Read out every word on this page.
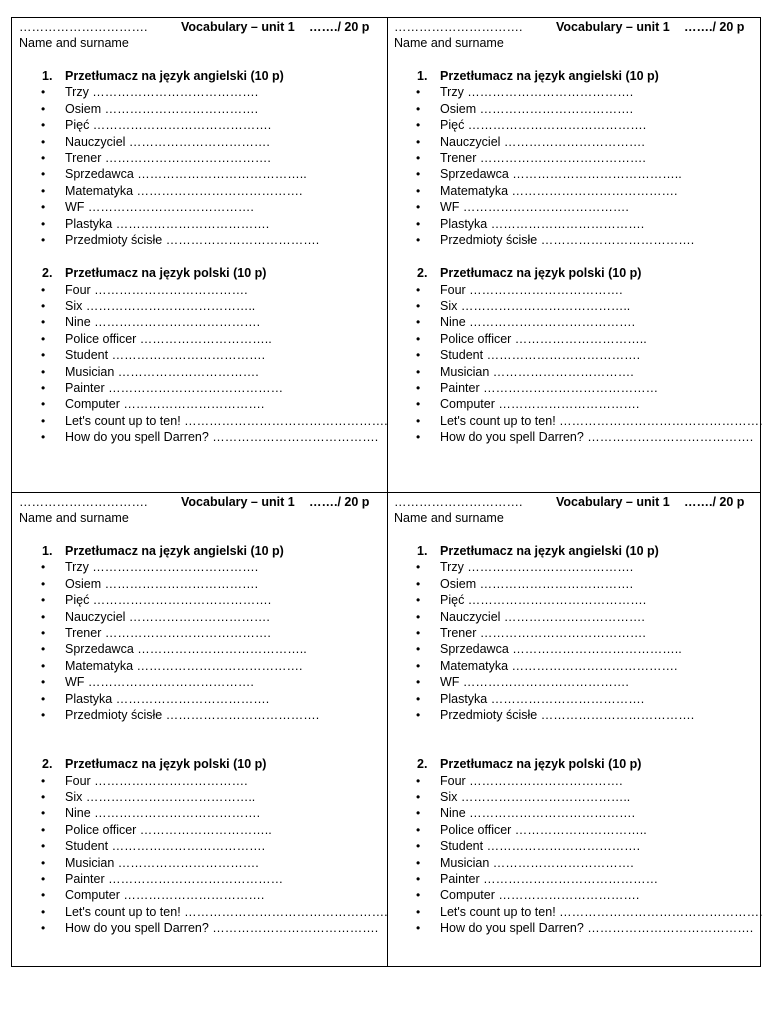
………………………….	Vocabulary – unit 1 ……./ 20 p
Name and surname
1. Przetłumacz na język angielski (10 p)
• Trzy ………………………………….
• Osiem ……………………………….
• Pięć …………………………………….
• Nauczyciel …………………………….
• Trener ………………………………….
• Sprzedawca …………………………………..
• Matematyka ………………………………….
• WF ………………………………….
• Plastyka ……………………………….
• Przedmioty ścisłe ……………………………….
2. Przetłumacz na język polski (10 p)
• Four ……………………………….
• Six …………………………………..
• Nine ………………………………….
• Police officer …………………………..
• Student ……………………………….
• Musician …………………………….
• Painter ……………………………………
• Computer …………………………….
• Let's count up to ten! ………………………………………….
• How do you spell Darren? ………………………………….
………………………….	Vocabulary – unit 1 ……./ 20 p
Name and surname
1. Przetłumacz na język angielski (10 p)
• Trzy ………………………………….
• Osiem ……………………………….
• Pięć …………………………………….
• Nauczyciel …………………………….
• Trener ………………………………….
• Sprzedawca …………………………………..
• Matematyka ………………………………….
• WF ………………………………….
• Plastyka ……………………………….
• Przedmioty ścisłe ……………………………….
2. Przetłumacz na język polski (10 p)
• Four ……………………………….
• Six …………………………………..
• Nine ………………………………….
• Police officer …………………………..
• Student ……………………………….
• Musician …………………………….
• Painter ……………………………………
• Computer …………………………….
• Let's count up to ten! ………………………………………….
• How do you spell Darren? ………………………………….
………………………….	Vocabulary – unit 1 ……./ 20 p
Name and surname
1. Przetłumacz na język angielski (10 p)
• Trzy ………………………………….
• Osiem ……………………………….
• Pięć …………………………………….
• Nauczyciel …………………………….
• Trener ………………………………….
• Sprzedawca …………………………………..
• Matematyka ………………………………….
• WF ………………………………….
• Plastyka ……………………………….
• Przedmioty ścisłe ……………………………….
2. Przetłumacz na język polski (10 p)
• Four ……………………………….
• Six …………………………………..
• Nine ………………………………….
• Police officer …………………………..
• Student ……………………………….
• Musician …………………………….
• Painter ……………………………………
• Computer …………………………….
• Let's count up to ten! ………………………………………….
• How do you spell Darren? ………………………………….
………………………….	Vocabulary – unit 1 ……./ 20 p
Name and surname
1. Przetłumacz na język angielski (10 p)
• Trzy ………………………………….
• Osiem ……………………………….
• Pięć …………………………………….
• Nauczyciel …………………………….
• Trener ………………………………….
• Sprzedawca …………………………………..
• Matematyka ………………………………….
• WF ………………………………….
• Plastyka ……………………………….
• Przedmioty ścisłe ……………………………….
2. Przetłumacz na język polski (10 p)
• Four ……………………………….
• Six …………………………………..
• Nine ………………………………….
• Police officer …………………………..
• Student ……………………………….
• Musician …………………………….
• Painter ……………………………………
• Computer …………………………….
• Let's count up to ten! ………………………………………….
• How do you spell Darren? ………………………………….
